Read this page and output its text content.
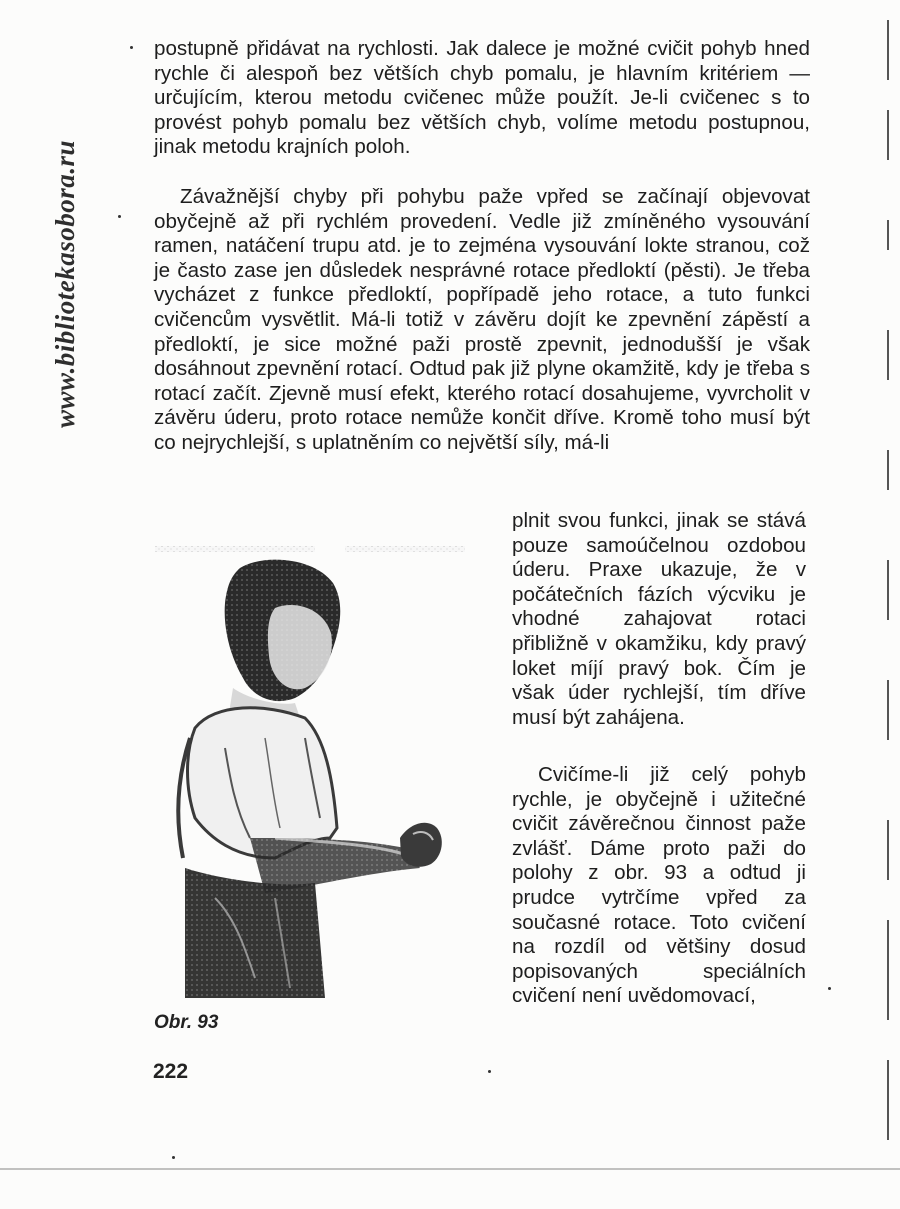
www.bibliotekasobora.ru

postupně přidávat na rychlosti. Jak dalece je možné cvičit pohyb hned rychle či alespoň bez větších chyb pomalu, je hlavním kritériem — určujícím, kterou metodu cvičenec může použít. Je-li cvičenec s to provést pohyb pomalu bez větších chyb, volíme metodu postupnou, jinak metodu krajních poloh.

Závažnější chyby při pohybu paže vpřed se začínají objevovat obyčejně až při rychlém provedení. Vedle již zmíněného vysouvání ramen, natáčení trupu atd. je to zejména vysouvání lokte stranou, což je často zase jen důsledek nesprávné rotace předloktí (pěsti). Je třeba vycházet z funkce předloktí, popřípadě jeho rotace, a tuto funkci cvičencům vysvětlit. Má-li totiž v závěru dojít ke zpevnění zápěstí a předloktí, je sice možné paži prostě zpevnit, jednodušší je však dosáhnout zpevnění rotací. Odtud pak již plyne okamžitě, kdy je třeba s rotací začít. Zjevně musí efekt, kterého rotací dosahujeme, vyvrcholit v závěru úderu, proto rotace nemůže končit dříve. Kromě toho musí být co nejrychlejší, s uplatněním co největší síly, má-li

plnit svou funkci, jinak se stává pouze samoúčelnou ozdobou úderu. Praxe ukazuje, že v počátečních fázích výcviku je vhodné zahajovat rotaci přibližně v okamžiku, kdy pravý loket míjí pravý bok. Čím je však úder rychlejší, tím dříve musí být zahájena.

Cvičíme-li již celý pohyb rychle, je obyčejně i užitečné cvičit závěrečnou činnost paže zvlášť. Dáme proto paži do polohy z obr. 93 a odtud ji prudce vytrčíme vpřed za současné rotace. Toto cvičení na rozdíl od většiny dosud popisovaných speciálních cvičení není uvědomovací,

Obr. 93
222
